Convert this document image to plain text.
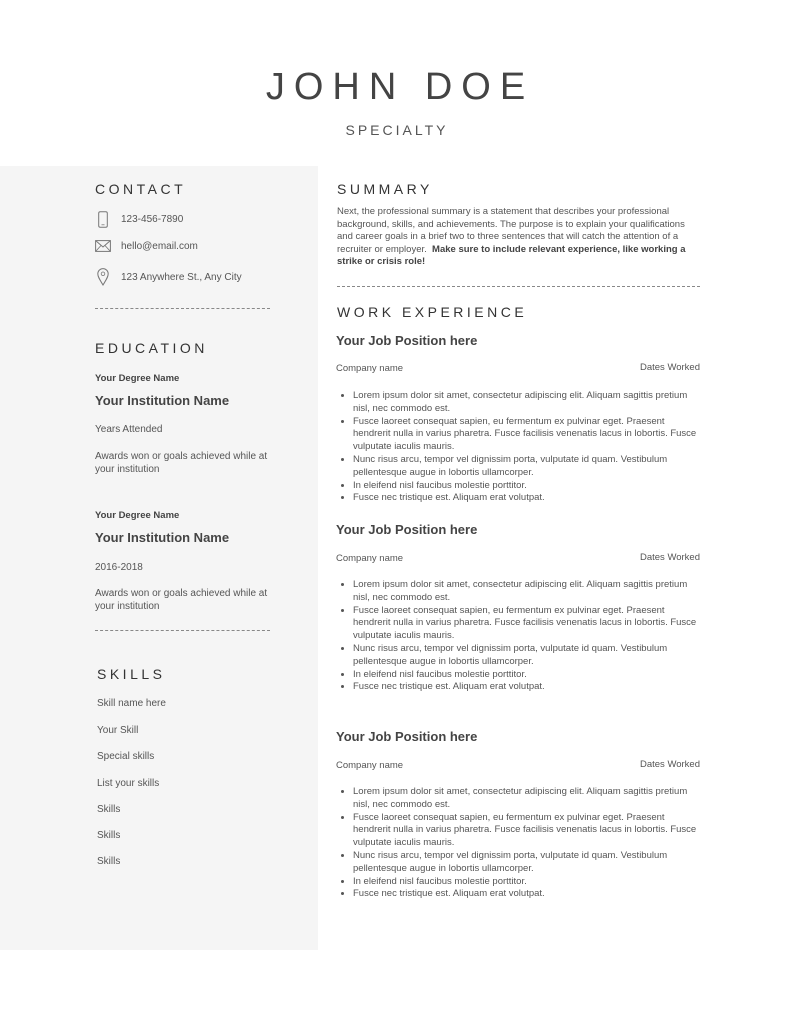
JOHN DOE
SPECIALTY
CONTACT
123-456-7890
hello@email.com
123 Anywhere St., Any City
EDUCATION
Your Degree Name
Your Institution Name
Years Attended
Awards won or goals achieved while at your institution
Your Degree Name
Your Institution Name
2016-2018
Awards won or goals achieved while at your institution
SKILLS
Skill name here
Your Skill
Special skills
List your skills
Skills
Skills
Skills
SUMMARY

Next, the professional summary is a statement that describes your professional background, skills, and achievements. The purpose is to explain your qualifications and career goals in a brief two to three sentences that will catch the attention of a recruiter or employer. Make sure to include relevant experience, like working a strike or crisis role!

WORK EXPERIENCE
Your Job Position here
Company name	Dates Worked
• Lorem ipsum dolor sit amet, consectetur adipiscing elit. Aliquam sagittis pretium nisl, nec commodo est.
• Fusce laoreet consequat sapien, eu fermentum ex pulvinar eget. Praesent hendrerit nulla in varius pharetra. Fusce facilisis venenatis lacus in lobortis. Fusce vulputate iaculis mauris.
• Nunc risus arcu, tempor vel dignissim porta, vulputate id quam. Vestibulum pellentesque augue in lobortis ullamcorper.
• In eleifend nisl faucibus molestie porttitor.
• Fusce nec tristique est. Aliquam erat volutpat.
Your Job Position here
Company name	Dates Worked
• Lorem ipsum dolor sit amet, consectetur adipiscing elit. Aliquam sagittis pretium nisl, nec commodo est.
• Fusce laoreet consequat sapien, eu fermentum ex pulvinar eget. Praesent hendrerit nulla in varius pharetra. Fusce facilisis venenatis lacus in lobortis. Fusce vulputate iaculis mauris.
• Nunc risus arcu, tempor vel dignissim porta, vulputate id quam. Vestibulum pellentesque augue in lobortis ullamcorper.
• In eleifend nisl faucibus molestie porttitor.
• Fusce nec tristique est. Aliquam erat volutpat.
Your Job Position here
Company name	Dates Worked
• Lorem ipsum dolor sit amet, consectetur adipiscing elit. Aliquam sagittis pretium nisl, nec commodo est.
• Fusce laoreet consequat sapien, eu fermentum ex pulvinar eget. Praesent hendrerit nulla in varius pharetra. Fusce facilisis venenatis lacus in lobortis. Fusce vulputate iaculis mauris.
• Nunc risus arcu, tempor vel dignissim porta, vulputate id quam. Vestibulum pellentesque augue in lobortis ullamcorper.
• In eleifend nisl faucibus molestie porttitor.
• Fusce nec tristique est. Aliquam erat volutpat.
